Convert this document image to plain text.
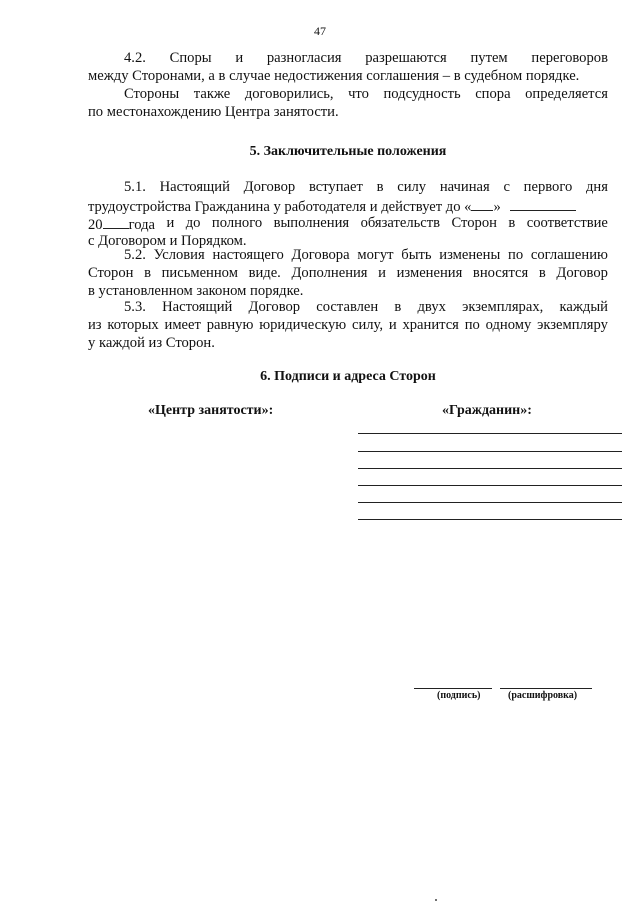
47
4.2. Споры и разногласия разрешаются путем переговоров
между Сторонами, а в случае недостижения соглашения – в судебном порядке.
Стороны также договорились, что подсудность спора определяется
по местонахождению Центра занятости.
5. Заключительные положения
5.1. Настоящий Договор вступает в силу начиная с первого дня
трудоустройства Гражданина у работодателя и действует до « »
20 года и до полного выполнения обязательств Сторон в соответствие
с Договором и Порядком.
5.2. Условия настоящего Договора могут быть изменены по соглашению
Сторон в письменном виде. Дополнения и изменения вносятся в Договор
в установленном законом порядке.
5.3. Настоящий Договор составлен в двух экземплярах, каждый
из которых имеет равную юридическую силу, и хранится по одному экземпляру
у каждой из Сторон.
6. Подписи и адреса Сторон
«Центр занятости»:	«Гражданин»:
(подпись)	(расшифровка)
